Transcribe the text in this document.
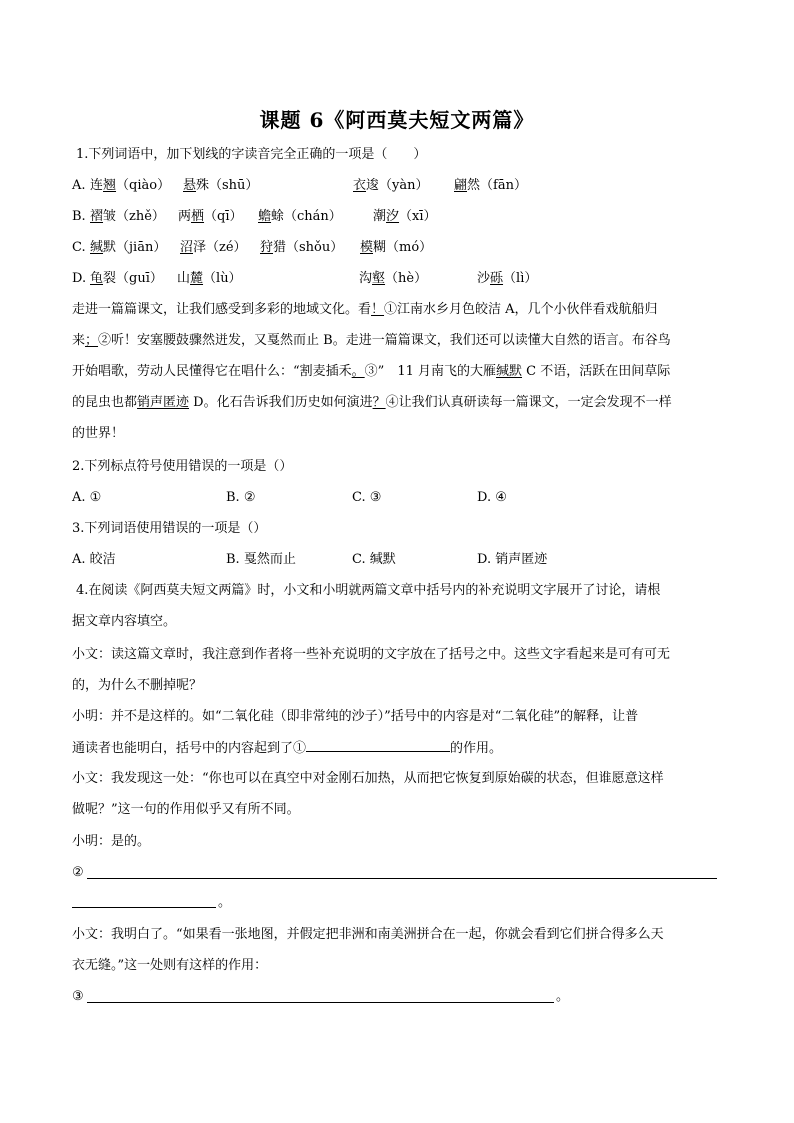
课题 6《阿西莫夫短文两篇》
1.下列词语中，加下划线的字读音完全正确的一项是（　　）
A. 连翘（qiào） 悬殊（shū）	衣逡（yàn） 翩然（fān）
B. 褶皱（zhě） 两栖（qī） 蟾蜍（chán） 潮汐（xī）
C. 缄默（jiān） 沼泽（zé） 狩猎（shǒu） 模糊（mó）
D. 龟裂（guī） 山麓（lù）	沟壑（hè）	沙砾（lì）
走进一篇篇课文，让我们感受到多彩的地域文化。看！①江南水乡月色皎洁 A，几个小伙伴看戏航船归
来；②听！安塞腰鼓骤然迸发，又戛然而止 B。走进一篇篇课文，我们还可以读懂大自然的语言。布谷鸟
开始唱歌，劳动人民懂得它在唱什么：“割麦插禾。③”　11 月南飞的大雁缄默 C 不语，活跃在田间草际
的昆虫也都销声匿迹 D。化石告诉我们历史如何演进？④让我们认真研读每一篇课文，一定会发现不一样
的世界！
2.下列标点符号使用错误的一项是（）
A. ①	B. ②	C. ③	D. ④
3.下列词语使用错误的一项是（）
A. 皎洁	B. 戛然而止	C. 缄默	D. 销声匿迹
4.在阅读《阿西莫夫短文两篇》时，小文和小明就两篇文章中括号内的补充说明文字展开了讨论，请根
据文章内容填空。
小文：读这篇文章时，我注意到作者将一些补充说明的文字放在了括号之中。这些文字看起来是可有可无
的，为什么不删掉呢？
小明：并不是这样的。如“二氧化硅（即非常纯的沙子）”括号中的内容是对“二氧化硅”的解释，让普
通读者也能明白，括号中的内容起到了①	的作用。
小文：我发现这一处：“你也可以在真空中对金刚石加热，从而把它恢复到原始碳的状态，但谁愿意这样
做呢？”这一句的作用似乎又有所不同。
小明：是的。
②
。
小文：我明白了。“如果看一张地图，并假定把非洲和南美洲拼合在一起，你就会看到它们拼合得多么天
衣无缝。”这一处则有这样的作用：
③	。
